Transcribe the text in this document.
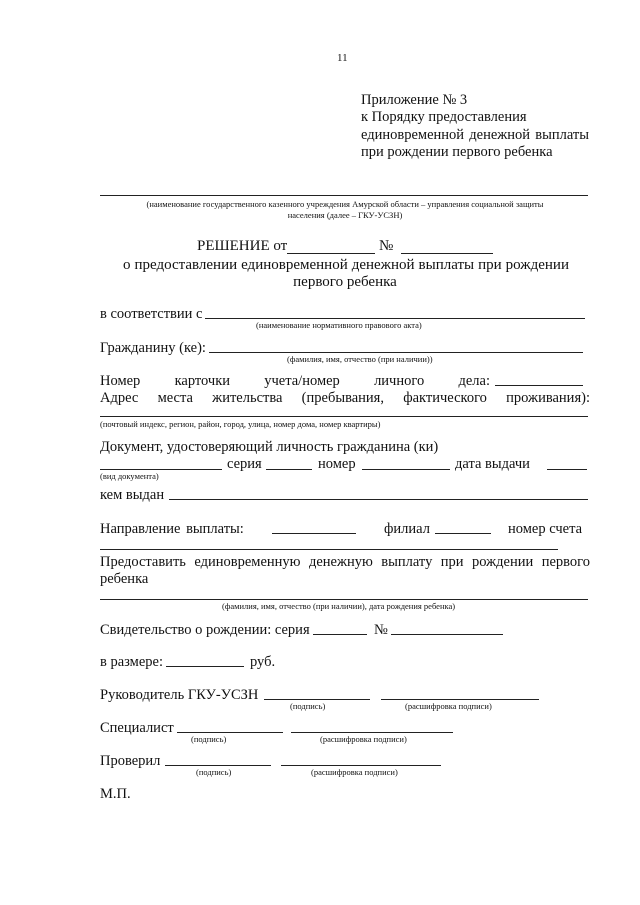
11
Приложение № 3
к Порядку предоставления
единовременной денежной выплаты
при рождении первого ребенка
(наименование государственного казенного учреждения Амурской области – управления социальной защиты
населения (далее – ГКУ-УСЗН)
РЕШЕНИЕ от	№
о предоставлении единовременной денежной выплаты при рождении
первого ребенка
в соответствии с
(наименование нормативного правового акта)
Гражданину (ке):
(фамилия, имя, отчество (при наличии))
Номер карточки учета/номер личного дела:
Адрес места жительства (пребывания, фактического проживания):
(почтовый индекс, регион, район, город, улица, номер дома, номер квартиры)
Документ, удостоверяющий личность гражданина (ки)
серия	номер	дата выдачи
(вид документа)
кем выдан
Направление выплаты:	филиал	номер счета
Предоставить единовременную денежную выплату при рождении первого
ребенка
(фамилия, имя, отчество (при наличии), дата рождения ребенка)
Свидетельство о рождении: серия	№
в размере:	руб.
Руководитель ГКУ-УСЗН
(подпись)	(расшифровка подписи)
Специалист
(подпись)	(расшифровка подписи)
Проверил
(подпись)	(расшифровка подписи)
М.П.
